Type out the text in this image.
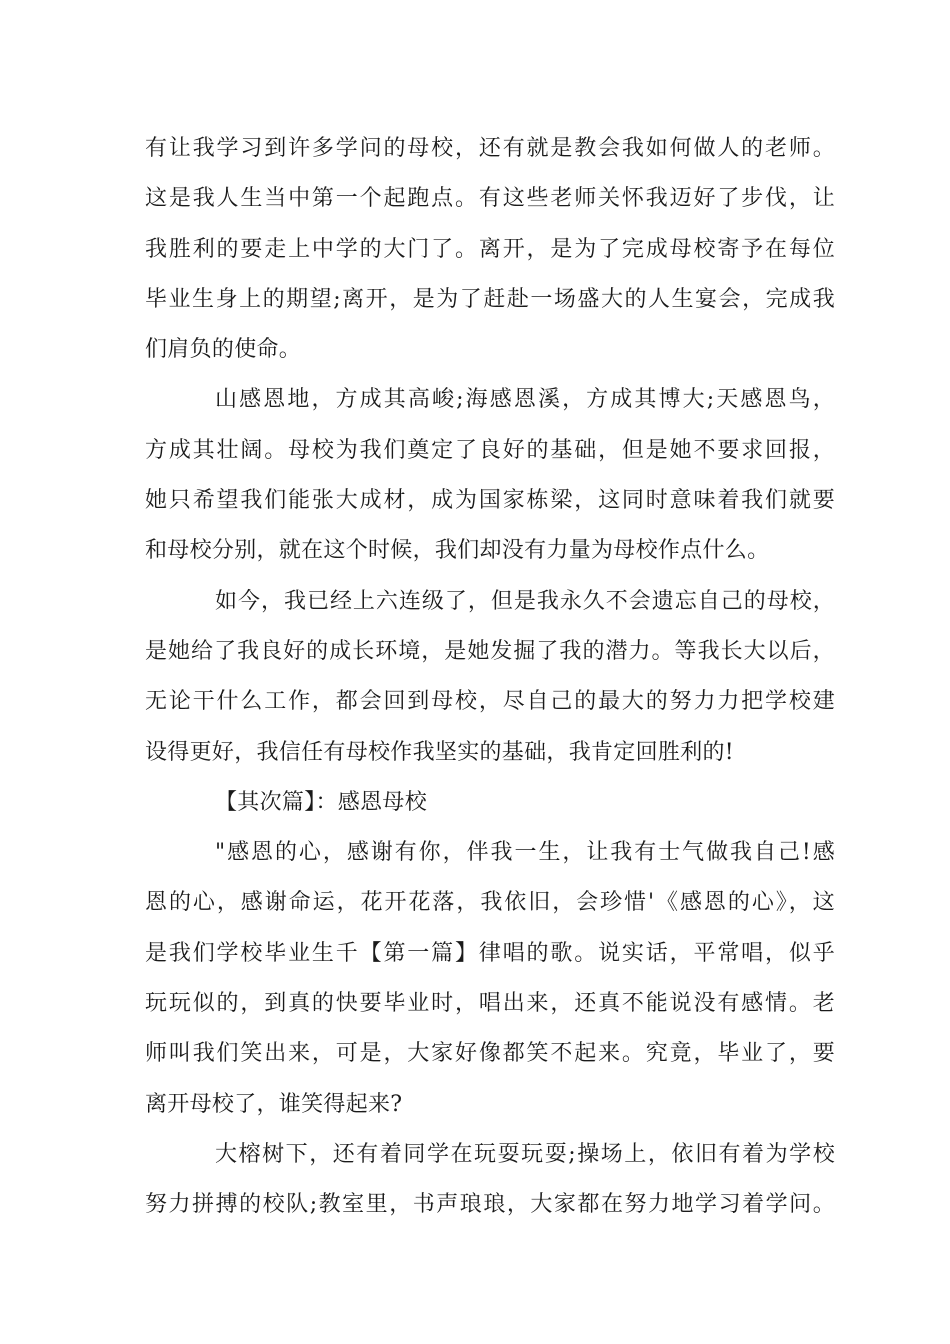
有让我学习到许多学问的母校，还有就是教会我如何做人的老师。
这是我人生当中第一个起跑点。有这些老师关怀我迈好了步伐，让
我胜利的要走上中学的大门了。离开，是为了完成母校寄予在每位
毕业生身上的期望;离开，是为了赶赴一场盛大的人生宴会，完成我
们肩负的使命。
山感恩地，方成其高峻;海感恩溪，方成其博大;天感恩鸟，
方成其壮阔。母校为我们奠定了良好的基础，但是她不要求回报，
她只希望我们能张大成材，成为国家栋梁，这同时意味着我们就要
和母校分别，就在这个时候，我们却没有力量为母校作点什么。
如今，我已经上六连级了，但是我永久不会遗忘自己的母校，
是她给了我良好的成长环境，是她发掘了我的潜力。等我长大以后，
无论干什么工作，都会回到母校，尽自己的最大的努力力把学校建
设得更好，我信任有母校作我坚实的基础，我肯定回胜利的!
【其次篇】：感恩母校
"感恩的心，感谢有你，伴我一生，让我有士气做我自己!感
恩的心，感谢命运，花开花落，我依旧，会珍惜'《感恩的心》，这
是我们学校毕业生千【第一篇】律唱的歌。说实话，平常唱，似乎
玩玩似的，到真的快要毕业时，唱出来，还真不能说没有感情。老
师叫我们笑出来，可是，大家好像都笑不起来。究竟，毕业了，要
离开母校了，谁笑得起来?
大榕树下，还有着同学在玩耍玩耍;操场上，依旧有着为学校
努力拼搏的校队;教室里，书声琅琅，大家都在努力地学习着学问。
